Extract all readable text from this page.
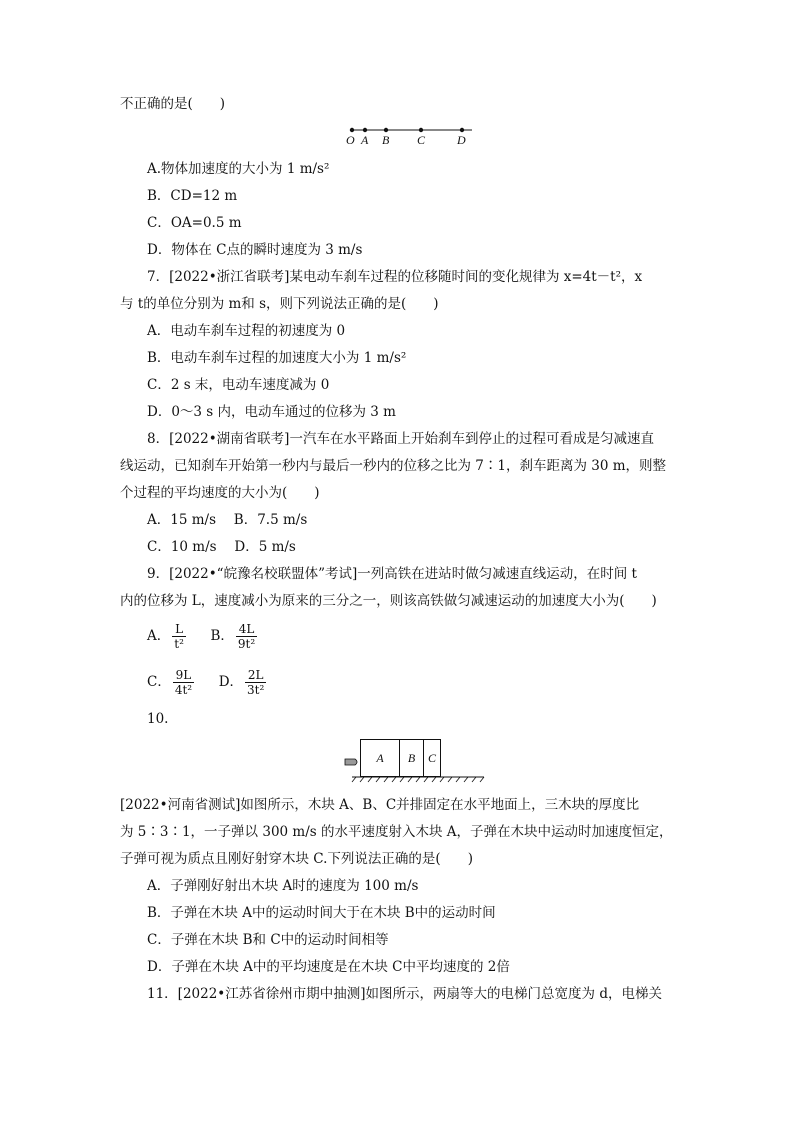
不正确的是(　　)
O A B C	D
A.物体加速度的大小为 1 m/s²
B．CD=12 m
C．OA=0.5 m
D．物体在 C点的瞬时速度为 3 m/s
7．[2022•浙江省联考]某电动车刹车过程的位移随时间的变化规律为 x=4t－t²，x
与 t的单位分别为 m和 s，则下列说法正确的是(　　)
A．电动车刹车过程的初速度为 0
B．电动车刹车过程的加速度大小为 1 m/s²
C．2 s 末，电动车速度减为 0
D．0～3 s 内，电动车通过的位移为 3 m
8．[2022•湖南省联考]一汽车在水平路面上开始刹车到停止的过程可看成是匀减速直
线运动，已知刹车开始第一秒内与最后一秒内的位移之比为 7∶1，刹车距离为 30 m，则整
个过程的平均速度的大小为(　　)
A．15 m/s　 B．7.5 m/s
C．10 m/s　 D．5 m/s
9．[2022•“皖豫名校联盟体”考试]一列高铁在进站时做匀减速直线运动，在时间 t
内的位移为 L，速度减小为原来的三分之一，则该高铁做匀减速运动的加速度大小为(　　)
A． $\frac{L}{\text{t²}}$ B． $\frac{4L}{\text{9t²}}$
C． $\frac{9L}{\text{4t²}}$ D． $\frac{2L}{\text{3t²}}$
10.
A	B	C
[2022•河南省测试]如图所示，木块 A、B、C并排固定在水平地面上，三木块的厚度比
为 5∶3∶1，一子弹以 300 m/s 的水平速度射入木块 A，子弹在木块中运动时加速度恒定，
子弹可视为质点且刚好射穿木块 C.下列说法正确的是(　　)
A．子弹刚好射出木块 A时的速度为 100 m/s
B．子弹在木块 A中的运动时间大于在木块 B中的运动时间
C．子弹在木块 B和 C中的运动时间相等
D．子弹在木块 A中的平均速度是在木块 C中平均速度的 2倍
11．[2022•江苏省徐州市期中抽测]如图所示，两扇等大的电梯门总宽度为 d，电梯关
